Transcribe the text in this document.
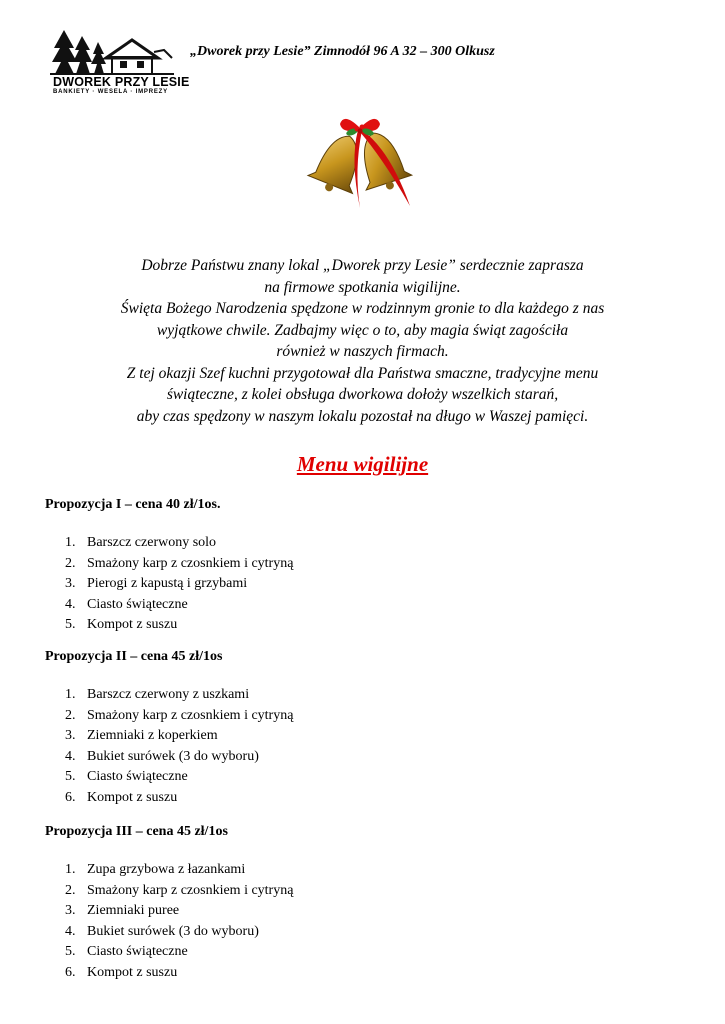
DWOREK PRZY LESIE
BANKIETY · WESELA · IMPREZY
„Dworek przy Lesie” Zimnodół 96 A 32 – 300 Olkusz
Dobrze Państwu znany lokal „Dworek przy Lesie” serdecznie zaprasza
na firmowe spotkania wigilijne.
Święta Bożego Narodzenia spędzone w rodzinnym gronie to dla każdego z nas
wyjątkowe chwile. Zadbajmy więc o to, aby magia świąt zagościła
również w naszych firmach.
Z tej okazji Szef kuchni przygotował dla Państwa smaczne, tradycyjne menu
świąteczne, z kolei obsługa dworkowa dołoży wszelkich starań,
aby czas spędzony w naszym lokalu pozostał na długo w Waszej pamięci.
Menu wigilijne
Propozycja I – cena 40 zł/1os.
1. Barszcz czerwony solo
2. Smażony karp z czosnkiem i cytryną
3. Pierogi z kapustą i grzybami
4. Ciasto świąteczne
5. Kompot z suszu
Propozycja II – cena 45 zł/1os
1. Barszcz czerwony z uszkami
2. Smażony karp z czosnkiem i cytryną
3. Ziemniaki z koperkiem
4. Bukiet surówek (3 do wyboru)
5. Ciasto świąteczne
6. Kompot z suszu
Propozycja III – cena 45 zł/1os
1. Zupa grzybowa z łazankami
2. Smażony karp z czosnkiem i cytryną
3. Ziemniaki puree
4. Bukiet surówek (3 do wyboru)
5. Ciasto świąteczne
6. Kompot z suszu
